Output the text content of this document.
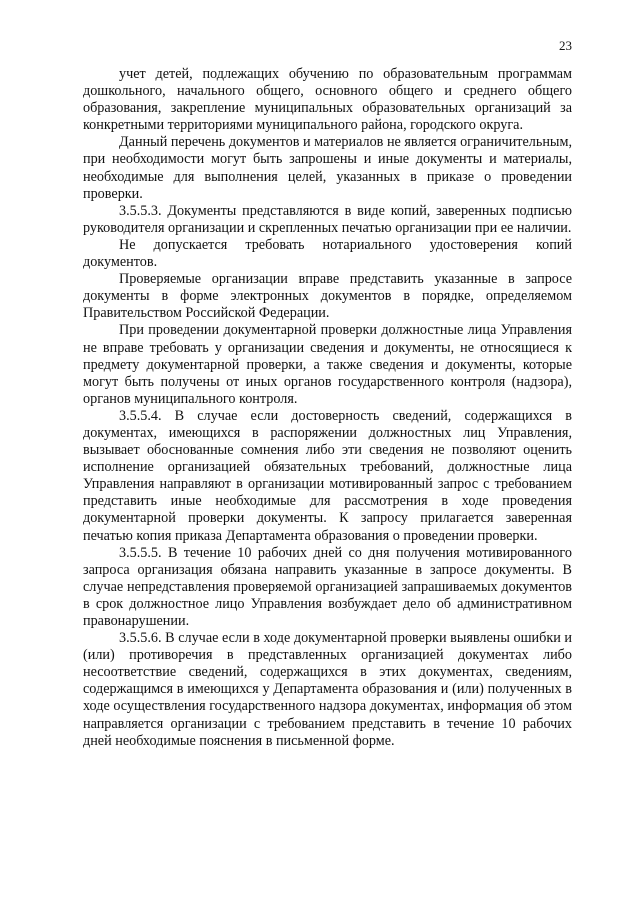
23

учет детей, подлежащих обучению по образовательным программам дошкольного, начального общего, основного общего и среднего общего образования, закрепление муниципальных образовательных организаций за конкретными территориями муниципального района, городского округа.

Данный перечень документов и материалов не является ограничительным, при необходимости могут быть запрошены и иные документы и материалы, необходимые для выполнения целей, указанных в приказе о проведении проверки.

3.5.5.3. Документы представляются в виде копий, заверенных подписью руководителя организации и скрепленных печатью организации при ее наличии.

Не допускается требовать нотариального удостоверения копий документов.

Проверяемые организации вправе представить указанные в запросе документы в форме электронных документов в порядке, определяемом Правительством Российской Федерации.

При проведении документарной проверки должностные лица Управления не вправе требовать у организации сведения и документы, не относящиеся к предмету документарной проверки, а также сведения и документы, которые могут быть получены от иных органов государственного контроля (надзора), органов муниципального контроля.

3.5.5.4. В случае если достоверность сведений, содержащихся в документах, имеющихся в распоряжении должностных лиц Управления, вызывает обоснованные сомнения либо эти сведения не позволяют оценить исполнение организацией обязательных требований, должностные лица Управления направляют в организации мотивированный запрос с требованием представить иные необходимые для рассмотрения в ходе проведения документарной проверки документы. К запросу прилагается заверенная печатью копия приказа Департамента образования о проведении проверки.

3.5.5.5. В течение 10 рабочих дней со дня получения мотивированного запроса организация обязана направить указанные в запросе документы. В случае непредставления проверяемой организацией запрашиваемых документов в срок должностное лицо Управления возбуждает дело об административном правонарушении.

3.5.5.6. В случае если в ходе документарной проверки выявлены ошибки и (или) противоречия в представленных организацией документах либо несоответствие сведений, содержащихся в этих документах, сведениям, содержащимся в имеющихся у Департамента образования и (или) полученных в ходе осуществления государственного надзора документах, информация об этом направляется организации с требованием представить в течение 10 рабочих дней необходимые пояснения в письменной форме.
